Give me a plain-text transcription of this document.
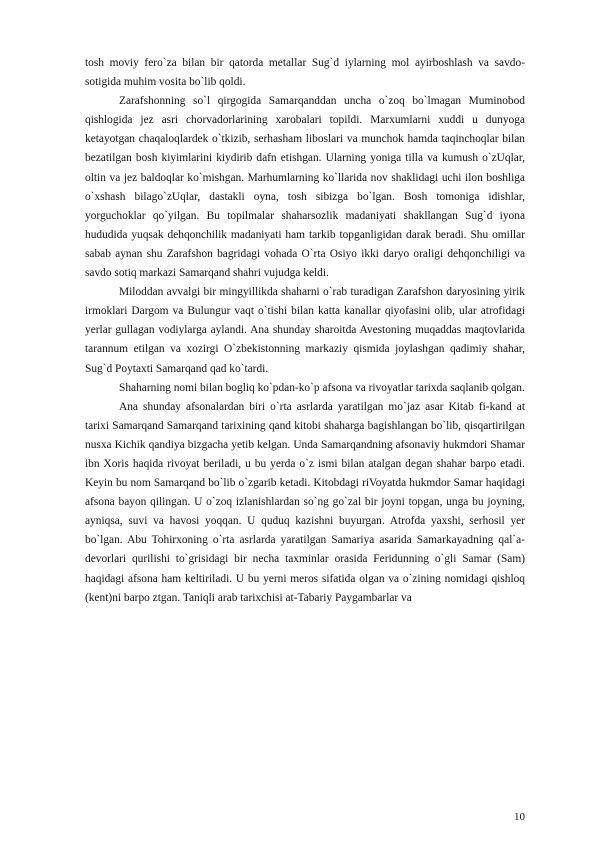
tosh moviy fero`za bilan bir qatorda metallar Sug`d iylarning mol ayirboshlash va savdo-sotigida muhim vosita bo`lib qoldi.

Zarafshonning so`l qirgogida Samarqanddan uncha o`zoq bo`lmagan Muminobod qishlogida jez asri chorvadorlarining xarobalari topildi. Marxumlarni xuddi u dunyoga ketayotgan chaqaloqlardek o`tkizib, serhasham liboslari va munchok hamda taqinchoqlar bilan bezatilgan bosh kiyimlarini kiydirib dafn etishgan. Ularning yoniga tilla va kumush o`zUqlar, oltin va jez baldoqlar ko`mishgan. Marhumlarning ko`llarida nov shaklidagi uchi ilon boshliga o`xshash bilago`zUqlar, dastakli oyna, tosh sibizga bo`lgan. Bosh tomoniga idishlar, yorguchoklar qo`yilgan. Bu topilmalar shaharsozlik madaniyati shakllangan Sug`d iyona hududida yuqsak dehqonchilik madaniyati ham tarkib topganligidan darak beradi. Shu omillar sabab aynan shu Zarafshon bagridagi vohada O`rta Osiyo ikki daryo oraligi dehqonchiligi va savdo sotiq markazi Samarqand shahri vujudga keldi.

Miloddan avvalgi bir mingyillikda shaharni o`rab turadigan Zarafshon daryosining yirik irmoklari Dargom va Bulungur vaqt o`tishi bilan katta kanallar qiyofasini olib, ular atrofidagi yerlar gullagan vodiylarga aylandi. Ana shunday sharoitda Avestoning muqaddas maqtovlarida tarannum etilgan va xozirgi O`zbekistonning markaziy qismida joylashgan qadimiy shahar, Sug`d Poytaxti Samarqand qad ko`tardi.

Shaharning nomi bilan bogliq ko`pdan-ko`p afsona va rivoyatlar tarixda saqlanib qolgan.

Ana shunday afsonalardan biri o`rta asrlarda yaratilgan mo`jaz asar Kitab fi-kand at tarixi Samarqand Samarqand tarixining qand kitobi shaharga bagishlangan bo`lib, qisqartirilgan nusxa Kichik qandiya bizgacha yetib kelgan. Unda Samarqandning afsonaviy hukmdori Shamar ibn Xoris haqida rivoyat beriladi, u bu yerda o`z ismi bilan atalgan degan shahar barpo etadi. Keyin bu nom Samarqand bo`lib o`zgarib ketadi. Kitobdagi riVoyatda hukmdor Samar haqidagi afsona bayon qilingan. U o`zoq izlanishlardan so`ng go`zal bir joyni topgan, unga bu joyning, ayniqsa, suvi va havosi yoqqan. U quduq kazishni buyurgan. Atrofda yaxshi, serhosil yer bo`lgan. Abu Tohirxoning o`rta asrlarda yaratilgan Samariya asarida Samarkayadning qal`a- devorlari qurilishi to`grisidagi bir necha taxminlar orasida Feridunning o`gli Samar (Sam) haqidagi afsona ham keltiriladi. U bu yerni meros sifatida olgan va o`zining nomidagi qishloq (kent)ni barpo ztgan. Taniqli arab tarixchisi at-Tabariy Paygambarlar va

10
